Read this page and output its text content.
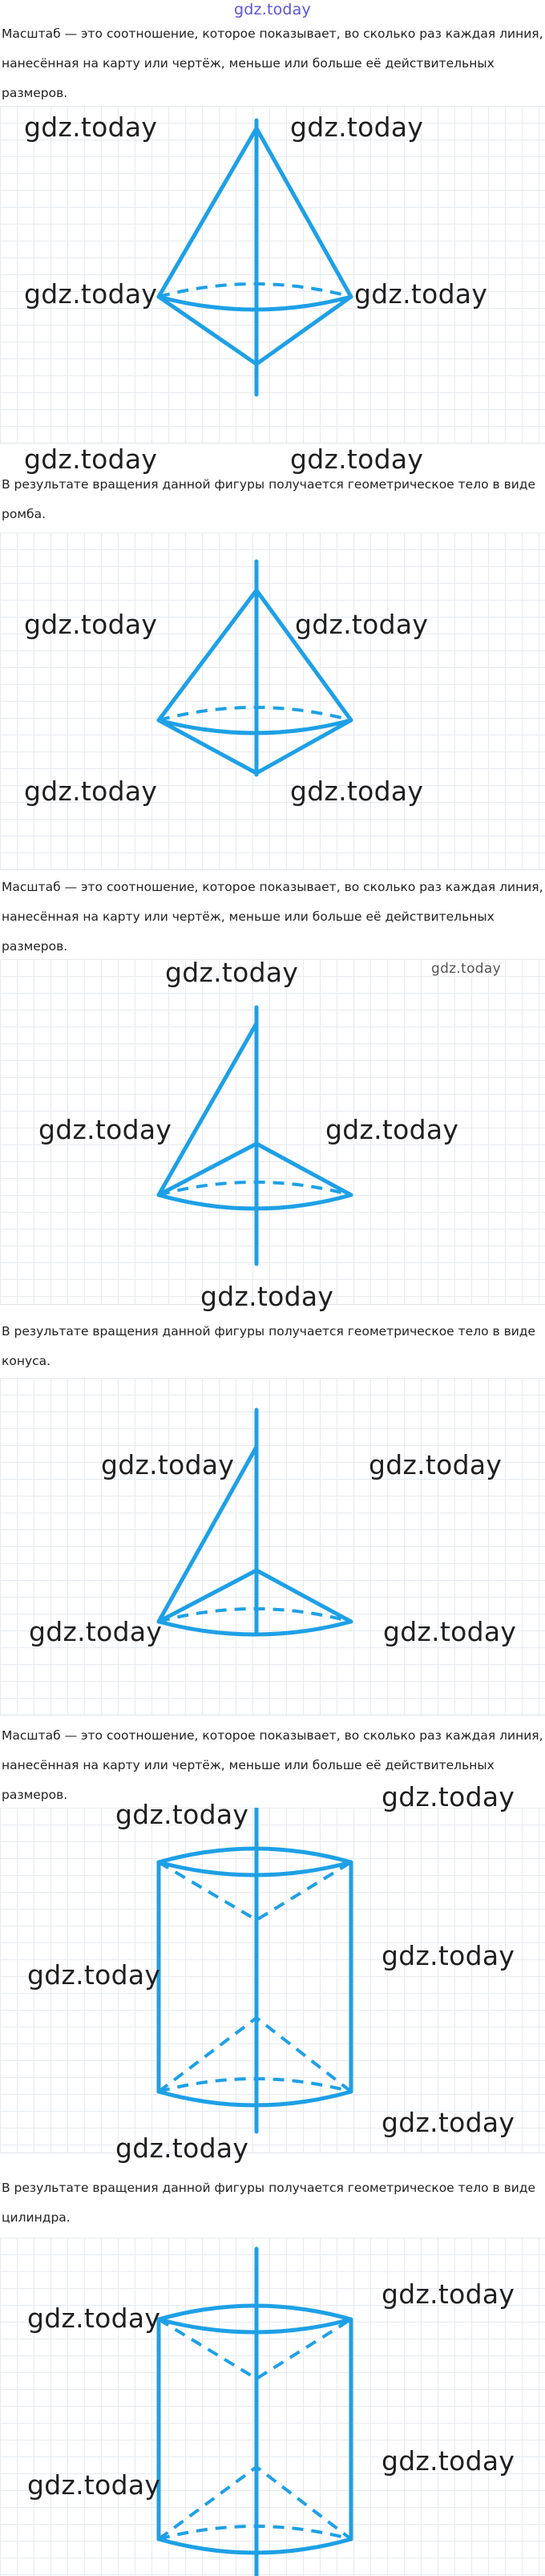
gdz.today

Масштаб — это соотношение, которое показывает, во сколько раз каждая линия, нанесённая на карту или чертёж, меньше или больше её действительных размеров.

gdz.today	gdz.today
gdz.today	gdz.today
gdz.today	gdz.today

В результате вращения данной фигуры получается геометрическое тело в виде ромба.

gdz.today	gdz.today
gdz.today	gdz.today

Масштаб — это соотношение, которое показывает, во сколько раз каждая линия, нанесённая на карту или чертёж, меньше или больше её действительных размеров.

gdz.today	gdz.today
gdz.today	gdz.today
gdz.today

В результате вращения данной фигуры получается геометрическое тело в виде конуса.

gdz.today	gdz.today
gdz.today	gdz.today

Масштаб — это соотношение, которое показывает, во сколько раз каждая линия, нанесённая на карту или чертёж, меньше или больше её действительных размеров.

gdz.today
gdz.today
gdz.today
gdz.today
gdz.today
gdz.today

В результате вращения данной фигуры получается геометрическое тело в виде цилиндра.

gdz.today
gdz.today
gdz.today
gdz.today
